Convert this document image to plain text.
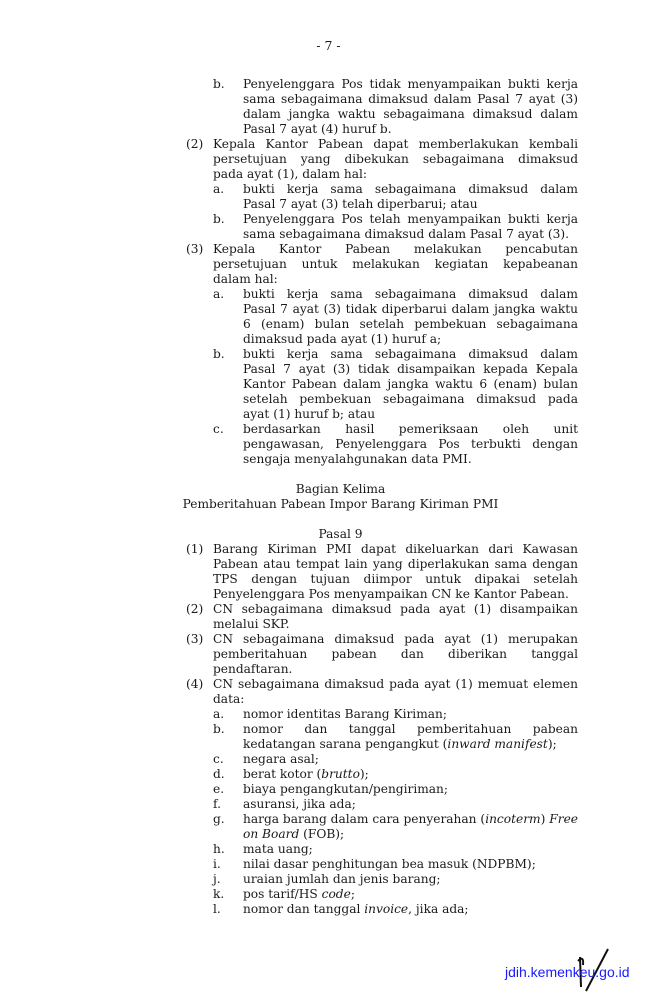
- 7 -
b. Penyelenggara Pos tidak menyampaikan bukti kerja
sama sebagaimana dimaksud dalam Pasal 7 ayat (3)
dalam jangka waktu sebagaimana dimaksud dalam
Pasal 7 ayat (4) huruf b.
(2) Kepala Kantor Pabean dapat memberlakukan kembali
persetujuan yang dibekukan sebagaimana dimaksud
pada ayat (1), dalam hal:
a. bukti kerja sama sebagaimana dimaksud dalam
Pasal 7 ayat (3) telah diperbarui; atau
b. Penyelenggara Pos telah menyampaikan bukti kerja
sama sebagaimana dimaksud dalam Pasal 7 ayat (3).
(3) Kepala Kantor Pabean melakukan pencabutan
persetujuan untuk melakukan kegiatan kepabeanan
dalam hal:
a. bukti kerja sama sebagaimana dimaksud dalam
Pasal 7 ayat (3) tidak diperbarui dalam jangka waktu
6 (enam) bulan setelah pembekuan sebagaimana
dimaksud pada ayat (1) huruf a;
b. bukti kerja sama sebagaimana dimaksud dalam
Pasal 7 ayat (3) tidak disampaikan kepada Kepala
Kantor Pabean dalam jangka waktu 6 (enam) bulan
setelah pembekuan sebagaimana dimaksud pada
ayat (1) huruf b; atau
c. berdasarkan hasil pemeriksaan oleh unit
pengawasan, Penyelenggara Pos terbukti dengan
sengaja menyalahgunakan data PMI.
Bagian Kelima
Pemberitahuan Pabean Impor Barang Kiriman PMI
Pasal 9
(1) Barang Kiriman PMI dapat dikeluarkan dari Kawasan
Pabean atau tempat lain yang diperlakukan sama dengan
TPS dengan tujuan diimpor untuk dipakai setelah
Penyelenggara Pos menyampaikan CN ke Kantor Pabean.
(2) CN sebagaimana dimaksud pada ayat (1) disampaikan
melalui SKP.
(3) CN sebagaimana dimaksud pada ayat (1) merupakan
pemberitahuan pabean dan diberikan tanggal
pendaftaran.
(4) CN sebagaimana dimaksud pada ayat (1) memuat elemen
data:
a. nomor identitas Barang Kiriman;
b. nomor dan tanggal pemberitahuan pabean
kedatangan sarana pengangkut (inward manifest);
c. negara asal;
d. berat kotor (brutto);
e. biaya pengangkutan/pengiriman;
f. asuransi, jika ada;
g. harga barang dalam cara penyerahan (incoterm) Free
on Board (FOB);
h. mata uang;
i. nilai dasar penghitungan bea masuk (NDPBM);
j. uraian jumlah dan jenis barang;
k. pos tarif/HS code;
l. nomor dan tanggal invoice, jika ada;
jdih.kemenkeu.go.id
